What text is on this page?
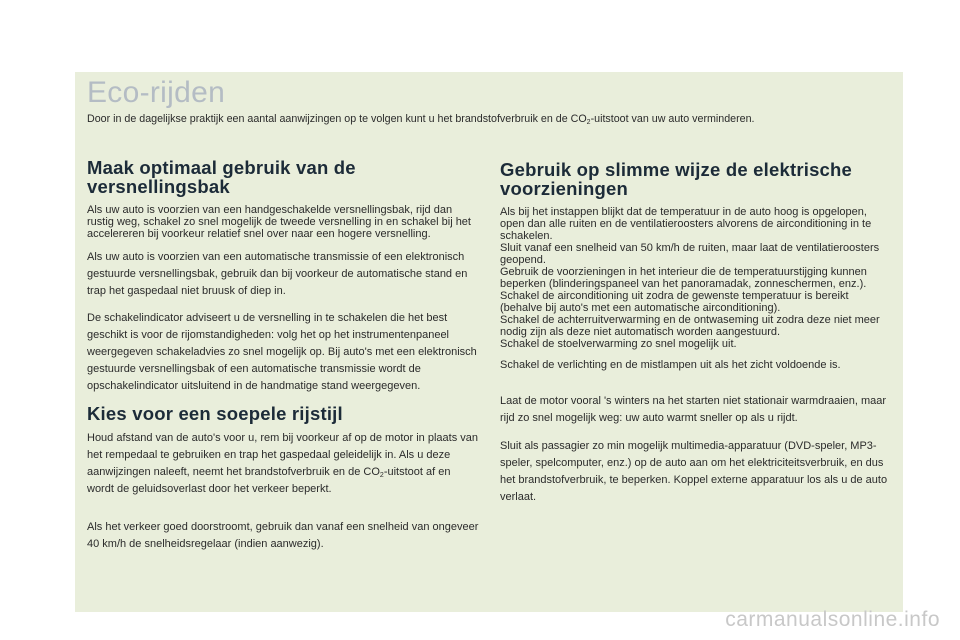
Eco-rijden

Door in de dagelijkse praktijk een aantal aanwijzingen op te volgen kunt u het brandstofverbruik en de $CO_2$-uitstoot van uw auto verminderen.

Maak optimaal gebruik van de versnellingsbak

Als uw auto is voorzien van een handgeschakelde versnellingsbak, rijd dan rustig weg, schakel zo snel mogelijk de tweede versnelling in en schakel bij het accelereren bij voorkeur relatief snel over naar een hogere versnelling.

Als uw auto is voorzien van een automatische transmissie of een elektronisch gestuurde versnellingsbak, gebruik dan bij voorkeur de automatische stand en trap het gaspedaal niet bruusk of diep in.

De schakelindicator adviseert u de versnelling in te schakelen die het best geschikt is voor de rijomstandigheden: volg het op het instrumentenpaneel weergegeven schakeladvies zo snel mogelijk op. Bij auto's met een elektronisch gestuurde versnellingsbak of een automatische transmissie wordt de opschakelindicator uitsluitend in de handmatige stand weergegeven.

Kies voor een soepele rijstijl

Houd afstand van de auto's voor u, rem bij voorkeur af op de motor in plaats van het rempedaal te gebruiken en trap het gaspedaal geleidelijk in. Als u deze aanwijzingen naleeft, neemt het brandstofverbruik en de $CO_2$-uitstoot af en wordt de geluidsoverlast door het verkeer beperkt.

Als het verkeer goed doorstroomt, gebruik dan vanaf een snelheid van ongeveer 40 km/h de snelheidsregelaar (indien aanwezig).

Gebruik op slimme wijze de elektrische voorzieningen

Als bij het instappen blijkt dat de temperatuur in de auto hoog is opgelopen, open dan alle ruiten en de ventilatieroosters alvorens de airconditioning in te schakelen.

Sluit vanaf een snelheid van 50 km/h de ruiten, maar laat de ventilatieroosters geopend.

Gebruik de voorzieningen in het interieur die de temperatuurstijging kunnen beperken (blinderingspaneel van het panoramadak, zonneschermen, enz.).

Schakel de airconditioning uit zodra de gewenste temperatuur is bereikt (behalve bij auto's met een automatische airconditioning).

Schakel de achterruitverwarming en de ontwaseming uit zodra deze niet meer nodig zijn als deze niet automatisch worden aangestuurd.

Schakel de stoelverwarming zo snel mogelijk uit.

Schakel de verlichting en de mistlampen uit als het zicht voldoende is.

Laat de motor vooral 's winters na het starten niet stationair warmdraaien, maar rijd zo snel mogelijk weg: uw auto warmt sneller op als u rijdt.

Sluit als passagier zo min mogelijk multimedia-apparatuur (DVD-speler, MP3-speler, spelcomputer, enz.) op de auto aan om het elektriciteitsverbruik, en dus het brandstofverbruik, te beperken. Koppel externe apparatuur los als u de auto verlaat.

carmanualsonline.info
